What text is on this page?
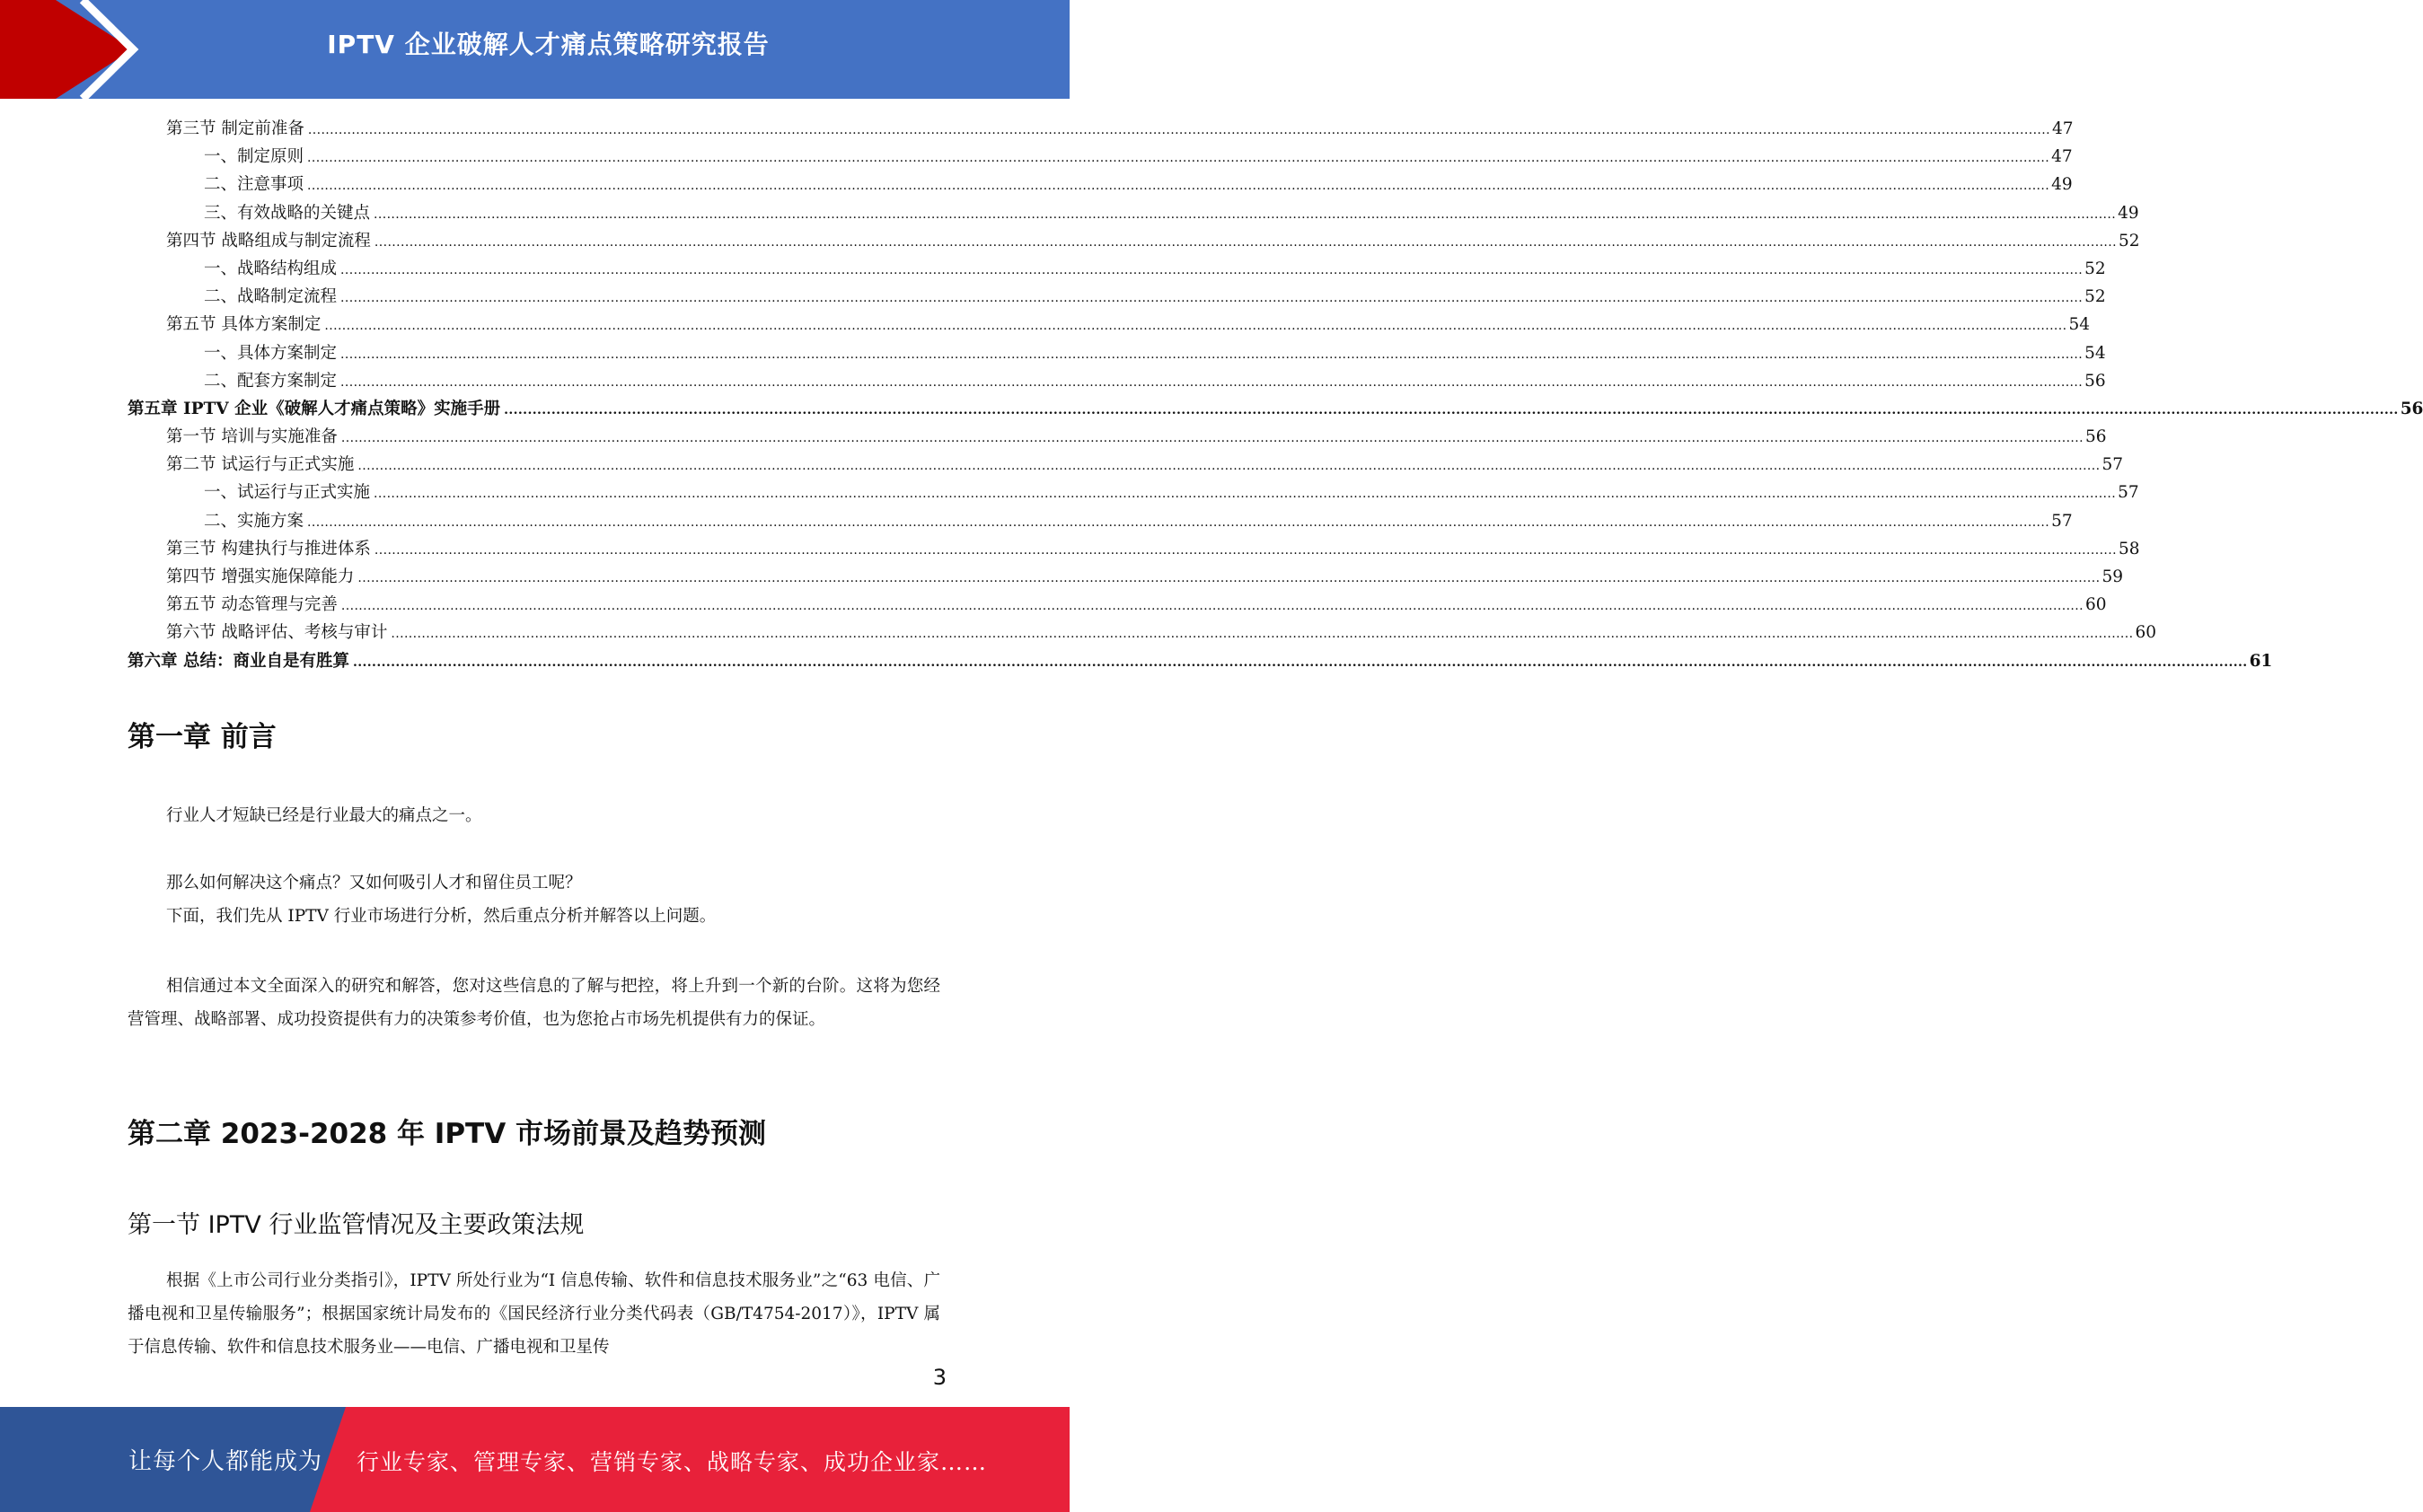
IPTV 企业破解人才痛点策略研究报告
第三节 制定前准备 ................................................................................................................................................................................................................................................................................................................................................................................................................ 47
一、制定原则 ................................................................................................................................................................................................................................................................................................................................................................................................................ 47
二、注意事项 ................................................................................................................................................................................................................................................................................................................................................................................................................ 49
三、有效战略的关键点 ................................................................................................................................................................................................................................................................................................................................................................................................................ 49
第四节 战略组成与制定流程 ................................................................................................................................................................................................................................................................................................................................................................................................................ 52
一、战略结构组成 ................................................................................................................................................................................................................................................................................................................................................................................................................ 52
二、战略制定流程 ................................................................................................................................................................................................................................................................................................................................................................................................................ 52
第五节 具体方案制定 ................................................................................................................................................................................................................................................................................................................................................................................................................ 54
一、具体方案制定 ................................................................................................................................................................................................................................................................................................................................................................................................................ 54
二、配套方案制定 ................................................................................................................................................................................................................................................................................................................................................................................................................ 56
第五章 IPTV 企业《破解人才痛点策略》实施手册 ................................................................................................................................................................................................................................................................................................................................................................................................................ 56
第一节 培训与实施准备 ................................................................................................................................................................................................................................................................................................................................................................................................................ 56
第二节 试运行与正式实施 ................................................................................................................................................................................................................................................................................................................................................................................................................ 57
一、试运行与正式实施 ................................................................................................................................................................................................................................................................................................................................................................................................................ 57
二、实施方案 ................................................................................................................................................................................................................................................................................................................................................................................................................ 57
第三节 构建执行与推进体系 ................................................................................................................................................................................................................................................................................................................................................................................................................ 58
第四节 增强实施保障能力 ................................................................................................................................................................................................................................................................................................................................................................................................................ 59
第五节 动态管理与完善 ................................................................................................................................................................................................................................................................................................................................................................................................................ 60
第六节 战略评估、考核与审计 ................................................................................................................................................................................................................................................................................................................................................................................................................ 60
第六章 总结：商业自是有胜算 ................................................................................................................................................................................................................................................................................................................................................................................................................ 61
第一章 前言

行业人才短缺已经是行业最大的痛点之一。

那么如何解决这个痛点？又如何吸引人才和留住员工呢？

下面，我们先从 IPTV 行业市场进行分析，然后重点分析并解答以上问题。

相信通过本文全面深入的研究和解答，您对这些信息的了解与把控，将上升到一个新的台阶。这将为您经营管理、战略部署、成功投资提供有力的决策参考价值，也为您抢占市场先机提供有力的保证。

第二章 2023-2028 年 IPTV 市场前景及趋势预测
第一节 IPTV 行业监管情况及主要政策法规

根据《上市公司行业分类指引》，IPTV 所处行业为“I 信息传输、软件和信息技术服务业”之“63 电信、广播电视和卫星传输服务”；根据国家统计局发布的《国民经济行业分类代码表（GB/T4754-2017）》，IPTV 属于信息传输、软件和信息技术服务业——电信、广播电视和卫星传

3
让每个人都能成为 行业专家、管理专家、营销专家、战略专家、成功企业家……
